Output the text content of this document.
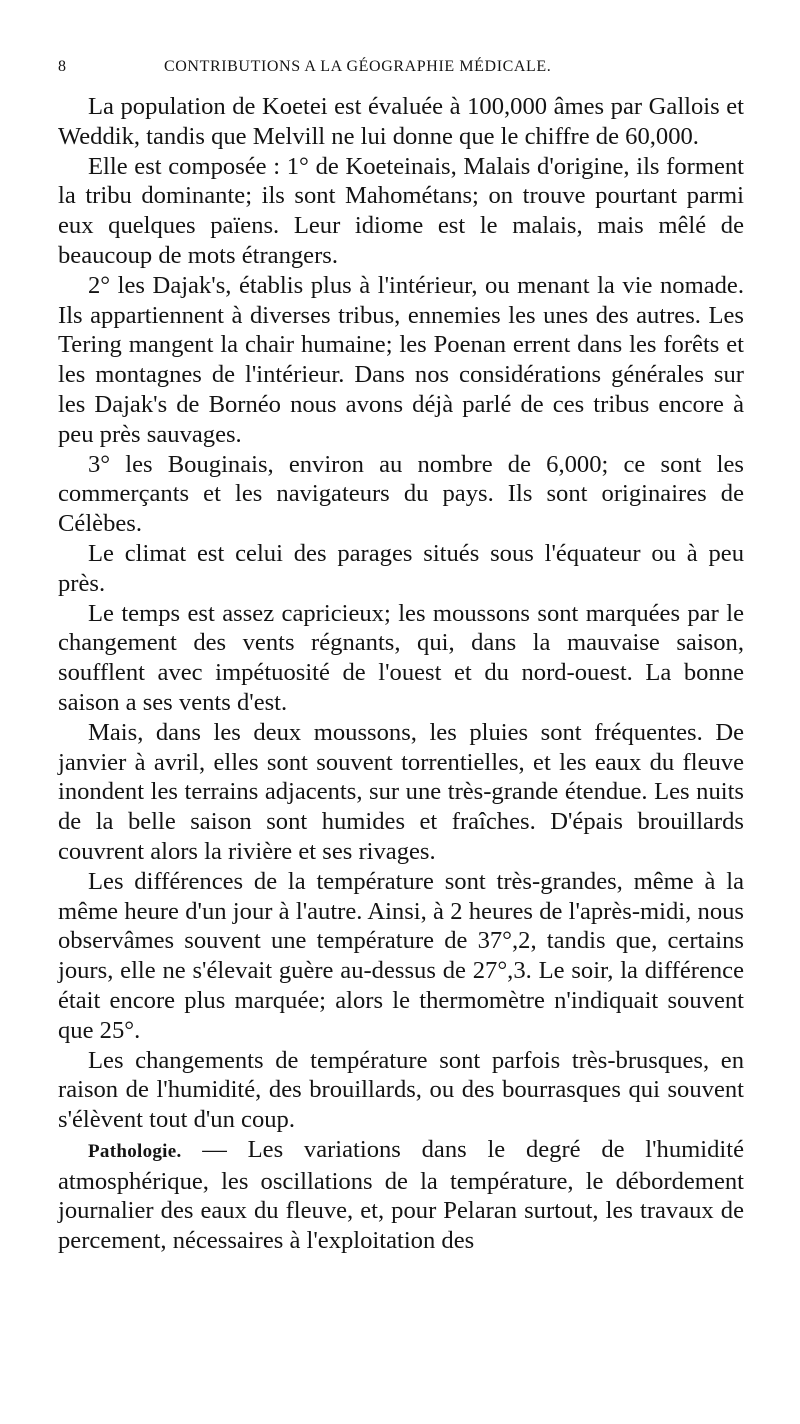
8	CONTRIBUTIONS A LA GÉOGRAPHIE MÉDICALE.

La population de Koetei est évaluée à 100,000 âmes par Gallois et Weddik, tandis que Melvill ne lui donne que le chiffre de 60,000.

Elle est composée : 1° de Koeteinais, Malais d'origine, ils forment la tribu dominante; ils sont Mahométans; on trouve pourtant parmi eux quelques païens. Leur idiome est le malais, mais mêlé de beaucoup de mots étrangers.

2° les Dajak's, établis plus à l'intérieur, ou menant la vie nomade. Ils appartiennent à diverses tribus, ennemies les unes des autres. Les Tering mangent la chair humaine; les Poenan errent dans les forêts et les montagnes de l'intérieur. Dans nos considérations générales sur les Dajak's de Bornéo nous avons déjà parlé de ces tribus encore à peu près sauvages.

3° les Bouginais, environ au nombre de 6,000; ce sont les commerçants et les navigateurs du pays. Ils sont originaires de Célèbes.

Le climat est celui des parages situés sous l'équateur ou à peu près.

Le temps est assez capricieux; les moussons sont marquées par le changement des vents régnants, qui, dans la mauvaise saison, soufflent avec impétuosité de l'ouest et du nord-ouest. La bonne saison a ses vents d'est.

Mais, dans les deux moussons, les pluies sont fréquentes. De janvier à avril, elles sont souvent torrentielles, et les eaux du fleuve inondent les terrains adjacents, sur une très-grande étendue. Les nuits de la belle saison sont humides et fraîches. D'épais brouillards couvrent alors la rivière et ses rivages.

Les différences de la température sont très-grandes, même à la même heure d'un jour à l'autre. Ainsi, à 2 heures de l'après-midi, nous observâmes souvent une température de 37°,2, tandis que, certains jours, elle ne s'élevait guère au-dessus de 27°,3. Le soir, la différence était encore plus marquée; alors le thermomètre n'indiquait souvent que 25°.

Les changements de température sont parfois très-brusques, en raison de l'humidité, des brouillards, ou des bourrasques qui souvent s'élèvent tout d'un coup.

Pathologie. — Les variations dans le degré de l'humidité atmosphérique, les oscillations de la température, le débordement journalier des eaux du fleuve, et, pour Pelaran surtout, les travaux de percement, nécessaires à l'exploitation des
